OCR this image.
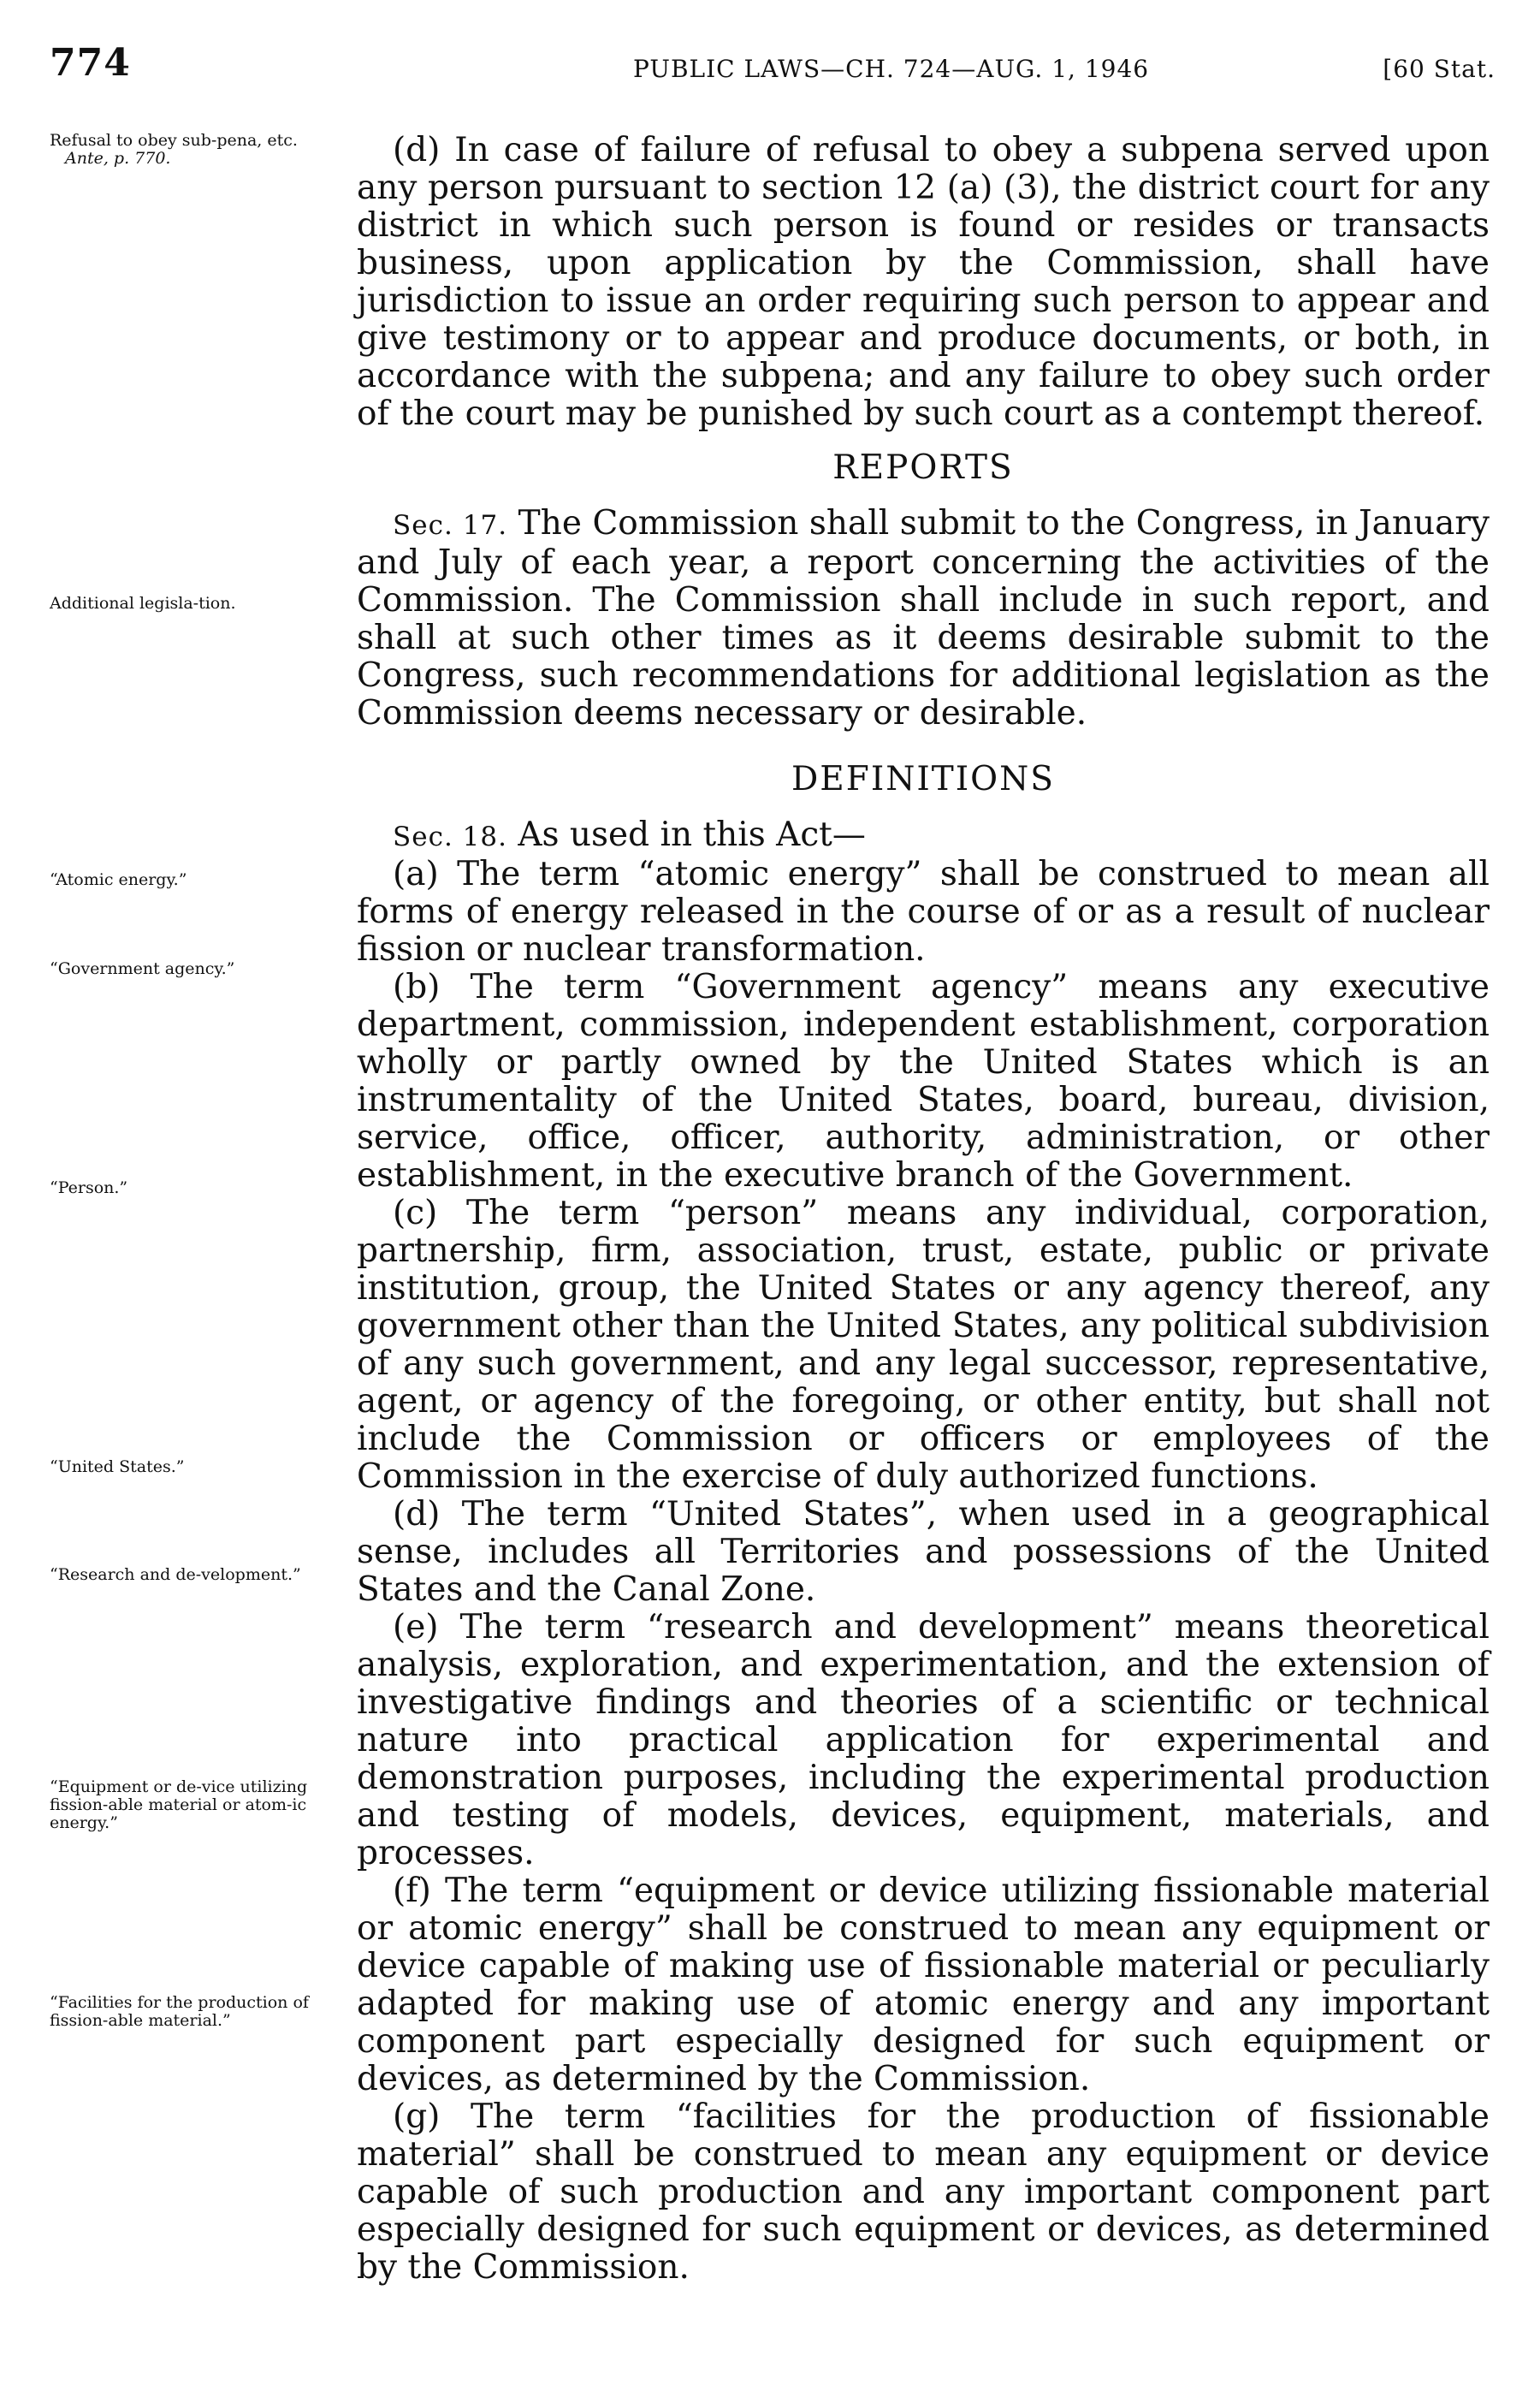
774	PUBLIC LAWS—CH. 724—AUG. 1, 1946	[60 Stat.
Refusal to obey sub-pena, etc.
Ante, p. 770.
Additional legisla-tion.
“Atomic energy.”
“Government agency.”
“Person.”
“United States.”
“Research and de-velopment.”
“Equipment or de-vice utilizing fission-able material or atom-ic energy.”
“Facilities for the production of fission-able material.”

(d) In case of failure of refusal to obey a subpena served upon any person pursuant to section 12 (a) (3), the district court for any district in which such person is found or resides or transacts business, upon application by the Commission, shall have jurisdiction to issue an order requiring such person to appear and give testimony or to appear and produce documents, or both, in accordance with the subpena; and any failure to obey such order of the court may be punished by such court as a contempt thereof.

REPORTS

Sec. 17. The Commission shall submit to the Congress, in January and July of each year, a report concerning the activities of the Commission. The Commission shall include in such report, and shall at such other times as it deems desirable submit to the Congress, such recommendations for additional legislation as the Commission deems necessary or desirable.

DEFINITIONS

Sec. 18. As used in this Act—

(a) The term “atomic energy” shall be construed to mean all forms of energy released in the course of or as a result of nuclear fission or nuclear transformation.

(b) The term “Government agency” means any executive department, commission, independent establishment, corporation wholly or partly owned by the United States which is an instrumentality of the United States, board, bureau, division, service, office, officer, authority, administration, or other establishment, in the executive branch of the Government.

(c) The term “person” means any individual, corporation, partnership, firm, association, trust, estate, public or private institution, group, the United States or any agency thereof, any government other than the United States, any political subdivision of any such government, and any legal successor, representative, agent, or agency of the foregoing, or other entity, but shall not include the Commission or officers or employees of the Commission in the exercise of duly authorized functions.

(d) The term “United States”, when used in a geographical sense, includes all Territories and possessions of the United States and the Canal Zone.

(e) The term “research and development” means theoretical analysis, exploration, and experimentation, and the extension of investigative findings and theories of a scientific or technical nature into practical application for experimental and demonstration purposes, including the experimental production and testing of models, devices, equipment, materials, and processes.

(f) The term “equipment or device utilizing fissionable material or atomic energy” shall be construed to mean any equipment or device capable of making use of fissionable material or peculiarly adapted for making use of atomic energy and any important component part especially designed for such equipment or devices, as determined by the Commission.

(g) The term “facilities for the production of fissionable material” shall be construed to mean any equipment or device capable of such production and any important component part especially designed for such equipment or devices, as determined by the Commission.
